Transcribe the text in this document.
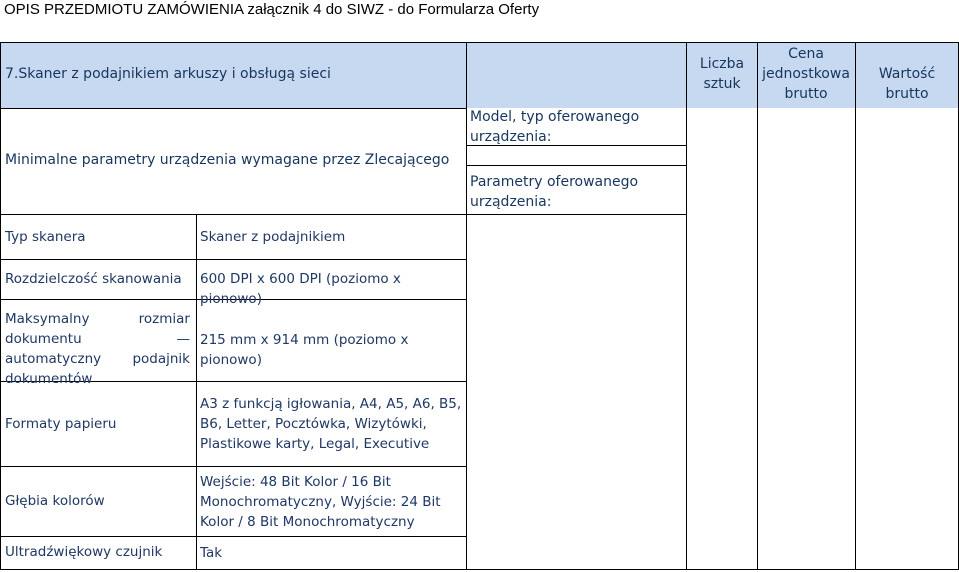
OPIS PRZEDMIOTU ZAMÓWIENIA załącznik 4 do SIWZ - do Formularza Oferty
7.Skaner z podajnikiem arkuszy i obsługą sieci
Minimalne parametry urządzenia wymagane przez Zlecającego
Model, typ oferowanego urządzenia:
Parametry oferowanego urządzenia:
Liczba sztuk
Cena jednostkowa brutto
Wartość brutto
Typ skanera
Rozdzielczość skanowania
Maksymalny rozmiar dokumentu — automatyczny podajnik dokumentów
Formaty papieru
Głębia kolorów
Ultradźwiękowy czujnik
Skaner z podajnikiem
600 DPI x 600 DPI (poziomo x pionowo)
215 mm x 914 mm (poziomo x pionowo)
A3 z funkcją igłowania, A4, A5, A6, B5, B6, Letter, Pocztówka, Wizytówki, Plastikowe karty, Legal, Executive
Wejście: 48 Bit Kolor / 16 Bit Monochromatyczny, Wyjście: 24 Bit Kolor / 8 Bit Monochromatyczny
Tak
